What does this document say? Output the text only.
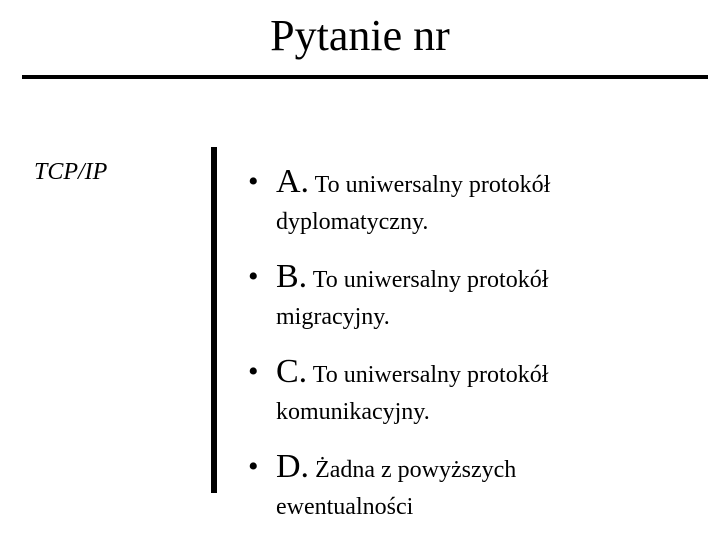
Pytanie nr
TCP/IP	• A. To uniwersalny protokół
dyplomatyczny.
• B. To uniwersalny protokół
migracyjny.
• C. To uniwersalny protokół
komunikacyjny.
• D. Żadna z powyższych
ewentualności
